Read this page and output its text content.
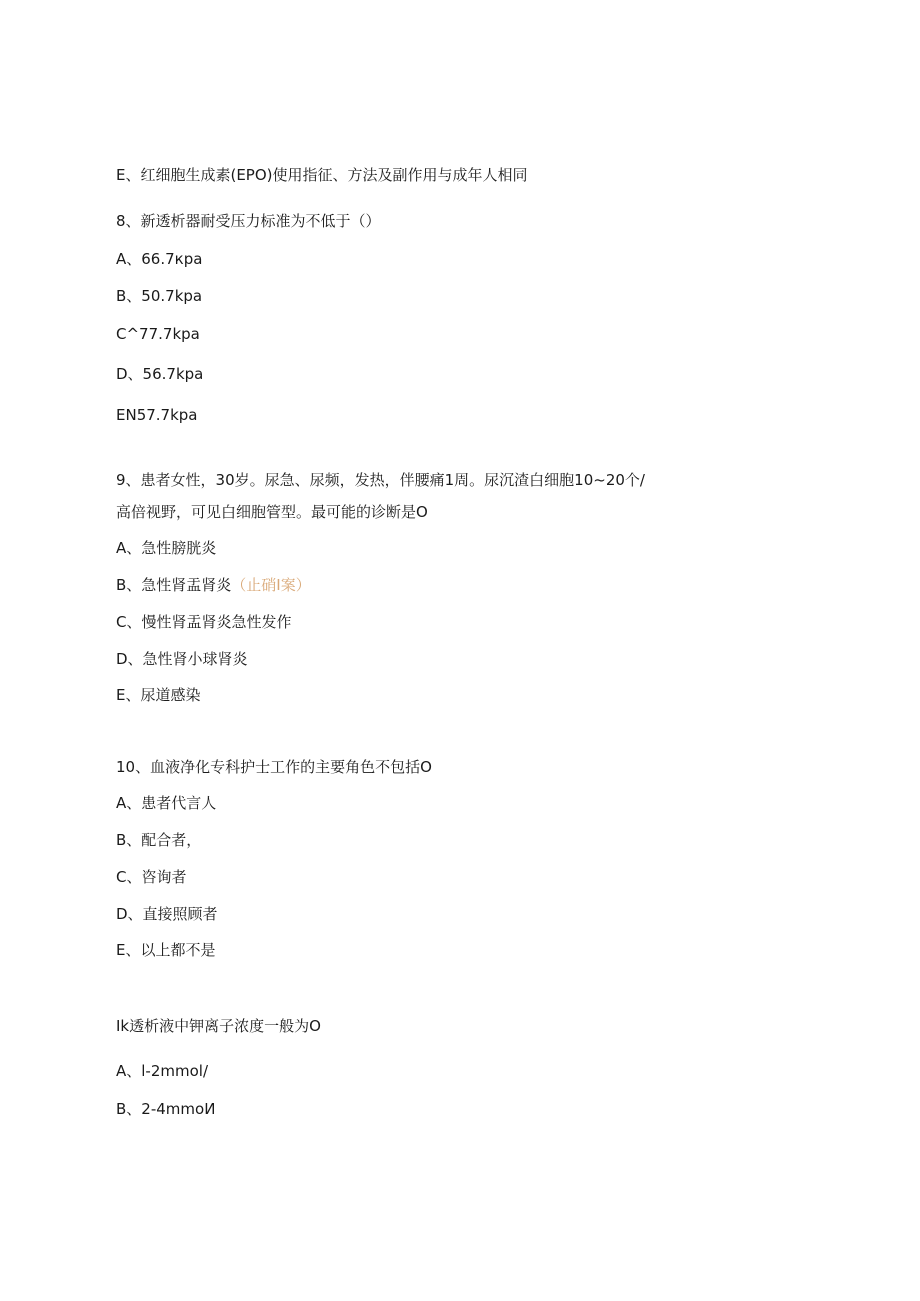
E、红细胞生成素(EPO)使用指征、方法及副作用与成年人相同
8、新透析器耐受压力标准为不低于（）
A、66.7кpa
B、50.7kpa
C^77.7kpa
D、56.7kpa
EN57.7kpa
9、患者女性，30岁。尿急、尿频，发热，伴腰痛1周。尿沉渣白细胞10~20个/
高倍视野，可见白细胞管型。最可能的诊断是O
A、急性膀胱炎
B、急性肾盂肾炎（止硝I案）
C、慢性肾盂肾炎急性发作
D、急性肾小球肾炎
E、尿道感染
10、血液净化专科护士工作的主要角色不包括O
A、患者代言人
B、配合者，
C、咨询者
D、直接照顾者
E、以上都不是
Ik透析液中钾离子浓度一般为O
A、l-2mmol/
B、2-4mmoИ
